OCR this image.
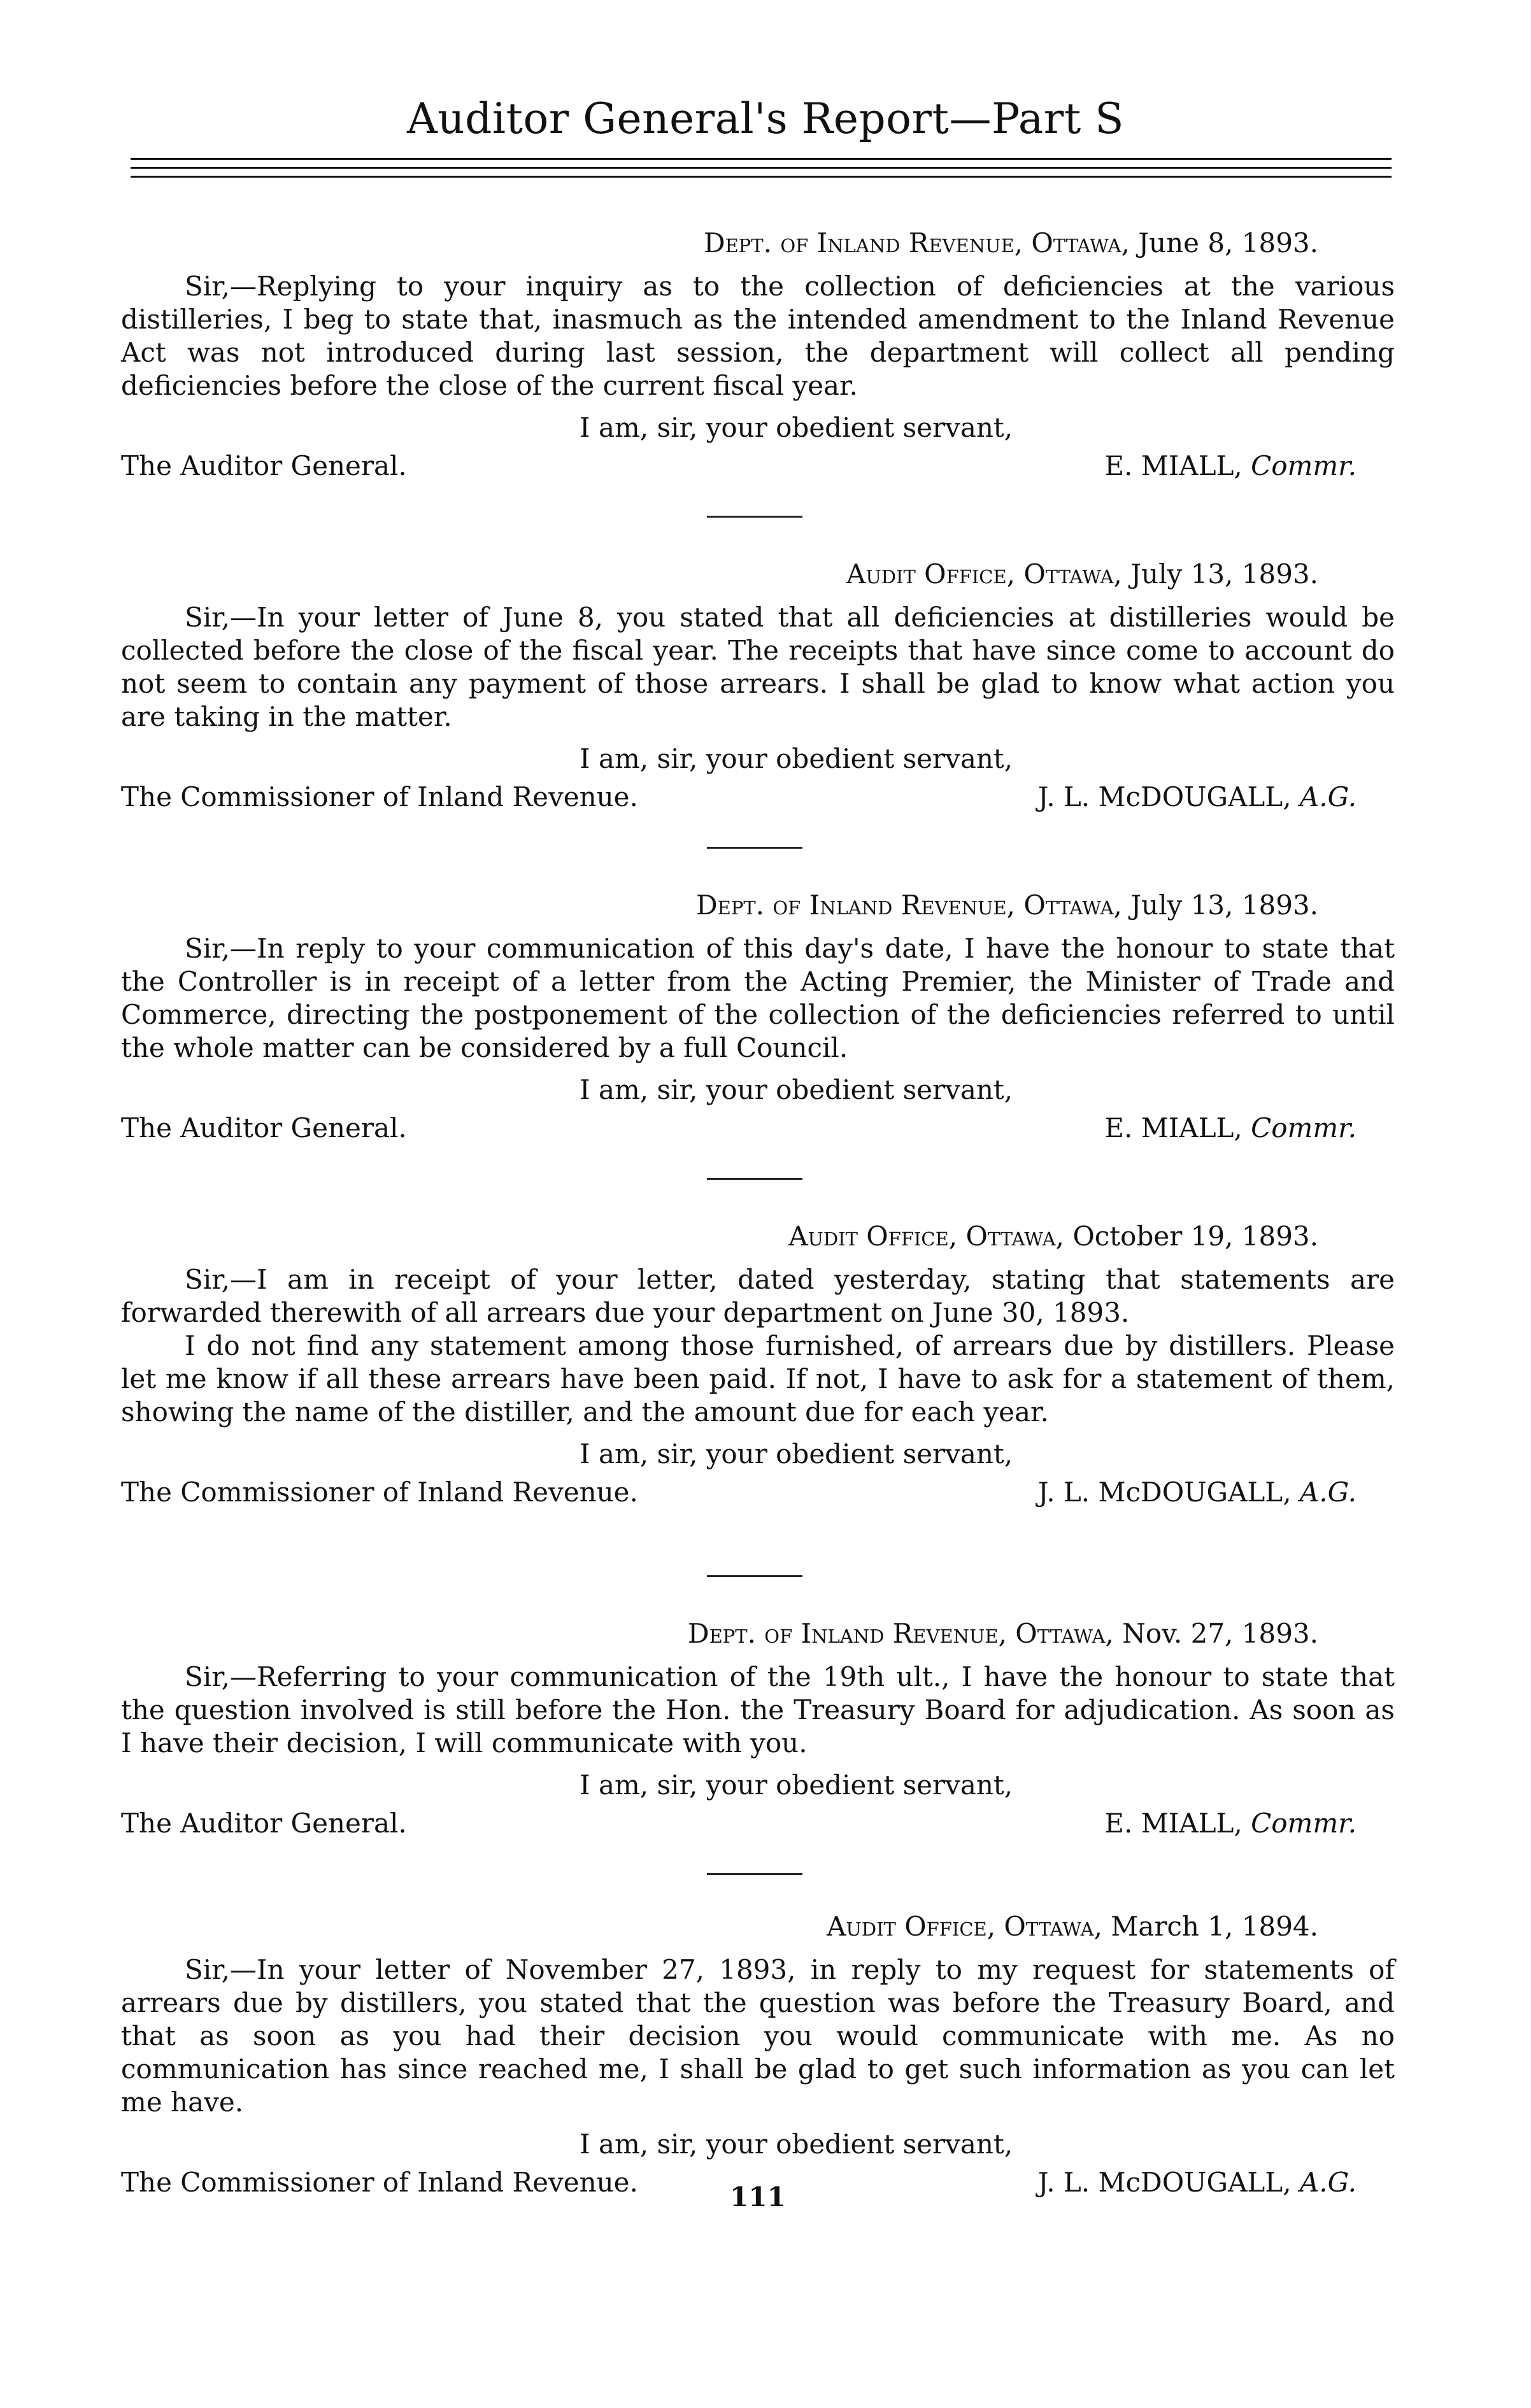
Auditor General's Report—Part S
Dept. of Inland Revenue, Ottawa, June 8, 1893.

Sir,—Replying to your inquiry as to the collection of deficiencies at the various distilleries, I beg to state that, inasmuch as the intended amendment to the Inland Revenue Act was not introduced during last session, the department will collect all pending deficiencies before the close of the current fiscal year.

I am, sir, your obedient servant,
The Auditor General.	E. MIALL, Commr.
Audit Office, Ottawa, July 13, 1893.

Sir,—In your letter of June 8, you stated that all deficiencies at distilleries would be collected before the close of the fiscal year. The receipts that have since come to account do not seem to contain any payment of those arrears. I shall be glad to know what action you are taking in the matter.

I am, sir, your obedient servant,
The Commissioner of Inland Revenue.	J. L. McDOUGALL, A.G.
Dept. of Inland Revenue, Ottawa, July 13, 1893.

Sir,—In reply to your communication of this day's date, I have the honour to state that the Controller is in receipt of a letter from the Acting Premier, the Minister of Trade and Commerce, directing the postponement of the collection of the deficiencies referred to until the whole matter can be considered by a full Council.

I am, sir, your obedient servant,
The Auditor General.	E. MIALL, Commr.
Audit Office, Ottawa, October 19, 1893.

Sir,—I am in receipt of your letter, dated yesterday, stating that statements are forwarded therewith of all arrears due your department on June 30, 1893.

I do not find any statement among those furnished, of arrears due by distillers. Please let me know if all these arrears have been paid. If not, I have to ask for a statement of them, showing the name of the distiller, and the amount due for each year.

I am, sir, your obedient servant,
The Commissioner of Inland Revenue.	J. L. McDOUGALL, A.G.
Dept. of Inland Revenue, Ottawa, Nov. 27, 1893.

Sir,—Referring to your communication of the 19th ult., I have the honour to state that the question involved is still before the Hon. the Treasury Board for adjudication. As soon as I have their decision, I will communicate with you.

I am, sir, your obedient servant,
The Auditor General.	E. MIALL, Commr.
Audit Office, Ottawa, March 1, 1894.

Sir,—In your letter of November 27, 1893, in reply to my request for statements of arrears due by distillers, you stated that the question was before the Treasury Board, and that as soon as you had their decision you would communicate with me. As no communication has since reached me, I shall be glad to get such information as you can let me have.

I am, sir, your obedient servant,
The Commissioner of Inland Revenue.	J. L. McDOUGALL, A.G.
111
